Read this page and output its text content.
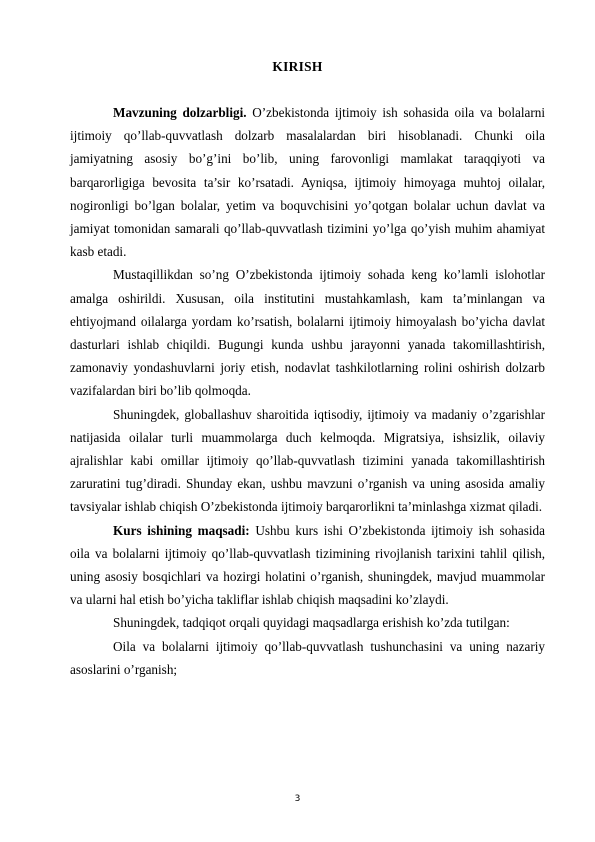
KIRISH

Mavzuning dolzarbligi. O’zbekistonda ijtimoiy ish sohasida oila va bolalarni ijtimoiy qo’llab-quvvatlash dolzarb masalalardan biri hisoblanadi. Chunki oila jamiyatning asosiy bo’g’ini bo’lib, uning farovonligi mamlakat taraqqiyoti va barqarorligiga bevosita ta’sir ko’rsatadi. Ayniqsa, ijtimoiy himoyaga muhtoj oilalar, nogironligi bo’lgan bolalar, yetim va boquvchisini yo’qotgan bolalar uchun davlat va jamiyat tomonidan samarali qo’llab-quvvatlash tizimini yo’lga qo’yish muhim ahamiyat kasb etadi.

Mustaqillikdan so’ng O’zbekistonda ijtimoiy sohada keng ko’lamli islohotlar amalga oshirildi. Xususan, oila institutini mustahkamlash, kam ta’minlangan va ehtiyojmand oilalarga yordam ko’rsatish, bolalarni ijtimoiy himoyalash bo’yicha davlat dasturlari ishlab chiqildi. Bugungi kunda ushbu jarayonni yanada takomillashtirish, zamonaviy yondashuvlarni joriy etish, nodavlat tashkilotlarning rolini oshirish dolzarb vazifalardan biri bo’lib qolmoqda.

Shuningdek, globallashuv sharoitida iqtisodiy, ijtimoiy va madaniy o’zgarishlar natijasida oilalar turli muammolarga duch kelmoqda. Migratsiya, ishsizlik, oilaviy ajralishlar kabi omillar ijtimoiy qo’llab-quvvatlash tizimini yanada takomillashtirish zaruratini tug’diradi. Shunday ekan, ushbu mavzuni o’rganish va uning asosida amaliy tavsiyalar ishlab chiqish O’zbekistonda ijtimoiy barqarorlikni ta’minlashga xizmat qiladi.

Kurs ishining maqsadi: Ushbu kurs ishi O’zbekistonda ijtimoiy ish sohasida oila va bolalarni ijtimoiy qo’llab-quvvatlash tizimining rivojlanish tarixini tahlil qilish, uning asosiy bosqichlari va hozirgi holatini o’rganish, shuningdek, mavjud muammolar va ularni hal etish bo’yicha takliflar ishlab chiqish maqsadini ko’zlaydi.

Shuningdek, tadqiqot orqali quyidagi maqsadlarga erishish ko’zda tutilgan:

Oila va bolalarni ijtimoiy qo’llab-quvvatlash tushunchasini va uning nazariy asoslarini o’rganish;

3
